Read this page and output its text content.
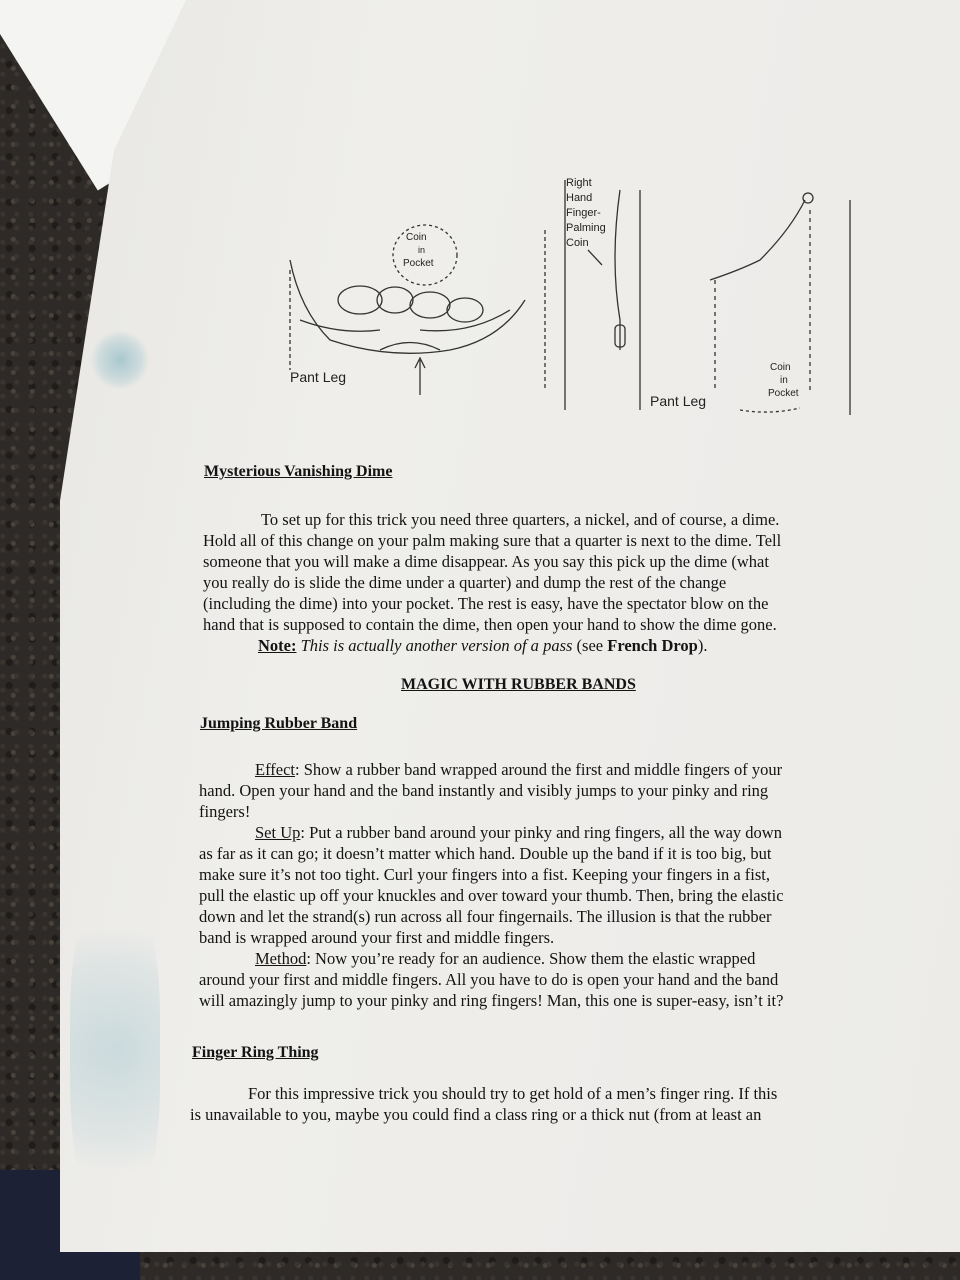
Coin
in
Pocket
Pant Leg
Right
Hand
Finger-
Palming
Coin
Pant Leg
Coin
in
Pocket
Mysterious Vanishing Dime
To set up for this trick you need three quarters, a nickel, and of course, a dime.
Hold all of this change on your palm making sure that a quarter is next to the dime. Tell
someone that you will make a dime disappear. As you say this pick up the dime (what
you really do is slide the dime under a quarter) and dump the rest of the change
(including the dime) into your pocket. The rest is easy, have the spectator blow on the
hand that is supposed to contain the dime, then open your hand to show the dime gone.
Note: This is actually another version of a pass (see French Drop).
MAGIC WITH RUBBER BANDS
Jumping Rubber Band
Effect: Show a rubber band wrapped around the first and middle fingers of your
hand. Open your hand and the band instantly and visibly jumps to your pinky and ring
fingers!
Set Up: Put a rubber band around your pinky and ring fingers, all the way down
as far as it can go; it doesn’t matter which hand. Double up the band if it is too big, but
make sure it’s not too tight. Curl your fingers into a fist. Keeping your fingers in a fist,
pull the elastic up off your knuckles and over toward your thumb. Then, bring the elastic
down and let the strand(s) run across all four fingernails. The illusion is that the rubber
band is wrapped around your first and middle fingers.
Method: Now you’re ready for an audience. Show them the elastic wrapped
around your first and middle fingers. All you have to do is open your hand and the band
will amazingly jump to your pinky and ring fingers! Man, this one is super-easy, isn’t it?
Finger Ring Thing
For this impressive trick you should try to get hold of a men’s finger ring. If this
is unavailable to you, maybe you could find a class ring or a thick nut (from at least an
